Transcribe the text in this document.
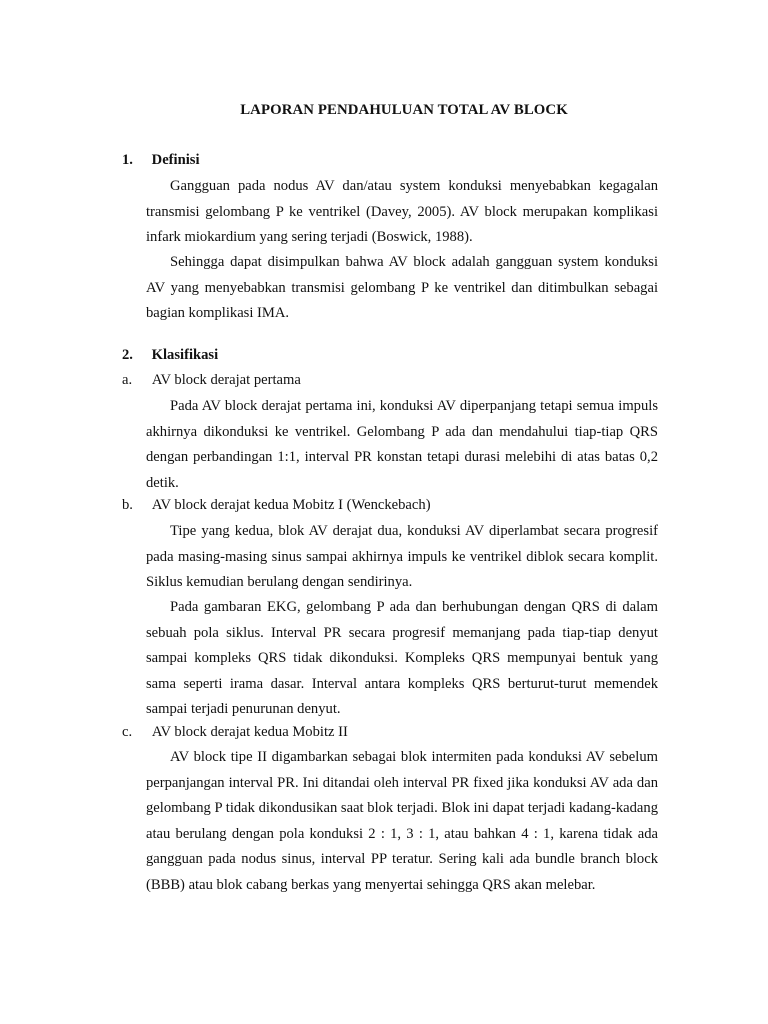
LAPORAN PENDAHULUAN TOTAL AV BLOCK
1. Definisi
Gangguan pada nodus AV dan/atau system konduksi menyebabkan kegagalan transmisi gelombang P ke ventrikel (Davey, 2005). AV block merupakan komplikasi infark miokardium yang sering terjadi (Boswick, 1988).
Sehingga dapat disimpulkan bahwa AV block adalah gangguan system konduksi AV yang menyebabkan transmisi gelombang P ke ventrikel dan ditimbulkan sebagai bagian komplikasi IMA.
2. Klasifikasi
a. AV block derajat pertama
Pada AV block derajat pertama ini, konduksi AV diperpanjang tetapi semua impuls akhirnya dikonduksi ke ventrikel. Gelombang P ada dan mendahului tiap-tiap QRS dengan perbandingan 1:1, interval PR konstan tetapi durasi melebihi di atas batas 0,2 detik.
b. AV block derajat kedua Mobitz I (Wenckebach)
Tipe yang kedua, blok AV derajat dua, konduksi AV diperlambat secara progresif pada masing-masing sinus sampai akhirnya impuls ke ventrikel diblok secara komplit. Siklus kemudian berulang dengan sendirinya.
Pada gambaran EKG, gelombang P ada dan berhubungan dengan QRS di dalam sebuah pola siklus. Interval PR secara progresif memanjang pada tiap-tiap denyut sampai kompleks QRS tidak dikonduksi. Kompleks QRS mempunyai bentuk yang sama seperti irama dasar. Interval antara kompleks QRS berturut-turut memendek sampai terjadi penurunan denyut.
c. AV block derajat kedua Mobitz II
AV block tipe II digambarkan sebagai blok intermiten pada konduksi AV sebelum perpanjangan interval PR. Ini ditandai oleh interval PR fixed jika konduksi AV ada dan gelombang P tidak dikondusikan saat blok terjadi. Blok ini dapat terjadi kadang-kadang atau berulang dengan pola konduksi 2 : 1, 3 : 1, atau bahkan 4 : 1, karena tidak ada gangguan pada nodus sinus, interval PP teratur. Sering kali ada bundle branch block (BBB) atau blok cabang berkas yang menyertai sehingga QRS akan melebar.
